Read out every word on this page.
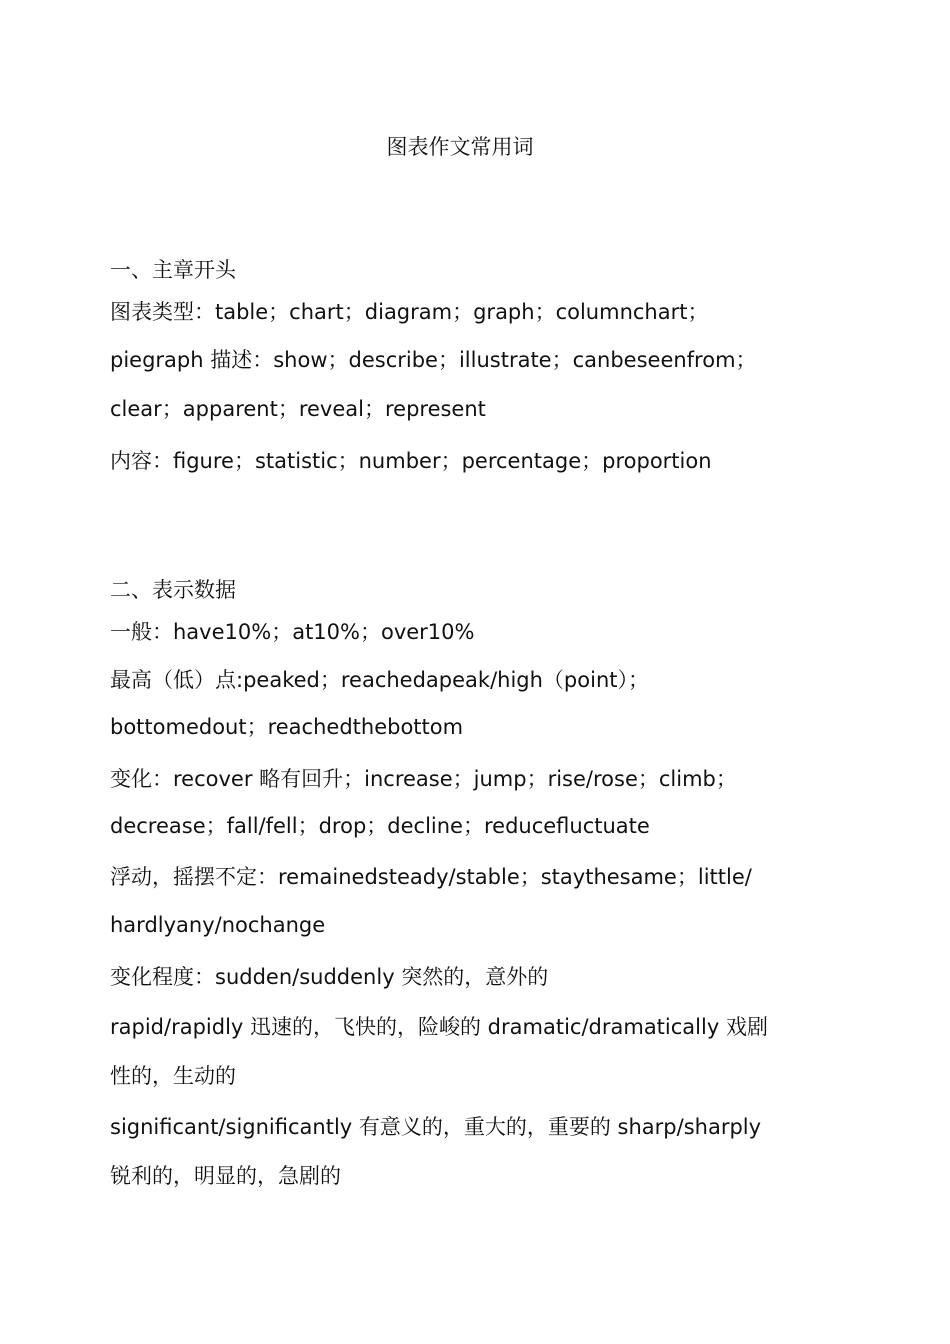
图表作文常用词

一、主章开头

图表类型：table；chart；diagram；graph；columnchart；

piegraph 描述：show；describe；illustrate；canbeseenfrom；

clear；apparent；reveal；represent

内容：figure；statistic；number；percentage；proportion

二、表示数据

一般：have10%；at10%；over10%

最高（低）点:peaked；reachedapeak/high（point）；

bottomedout；reachedthebottom

变化：recover 略有回升；increase；jump；rise/rose；climb；

decrease；fall/fell；drop；decline；reducefluctuate

浮动，摇摆不定：remainedsteady/stable；staythesame；little/

hardlyany/nochange

变化程度：sudden/suddenly 突然的，意外的

rapid/rapidly 迅速的，飞快的，险峻的 dramatic/dramatically 戏剧

性的，生动的

significant/significantly 有意义的，重大的，重要的 sharp/sharply

锐利的，明显的，急剧的
